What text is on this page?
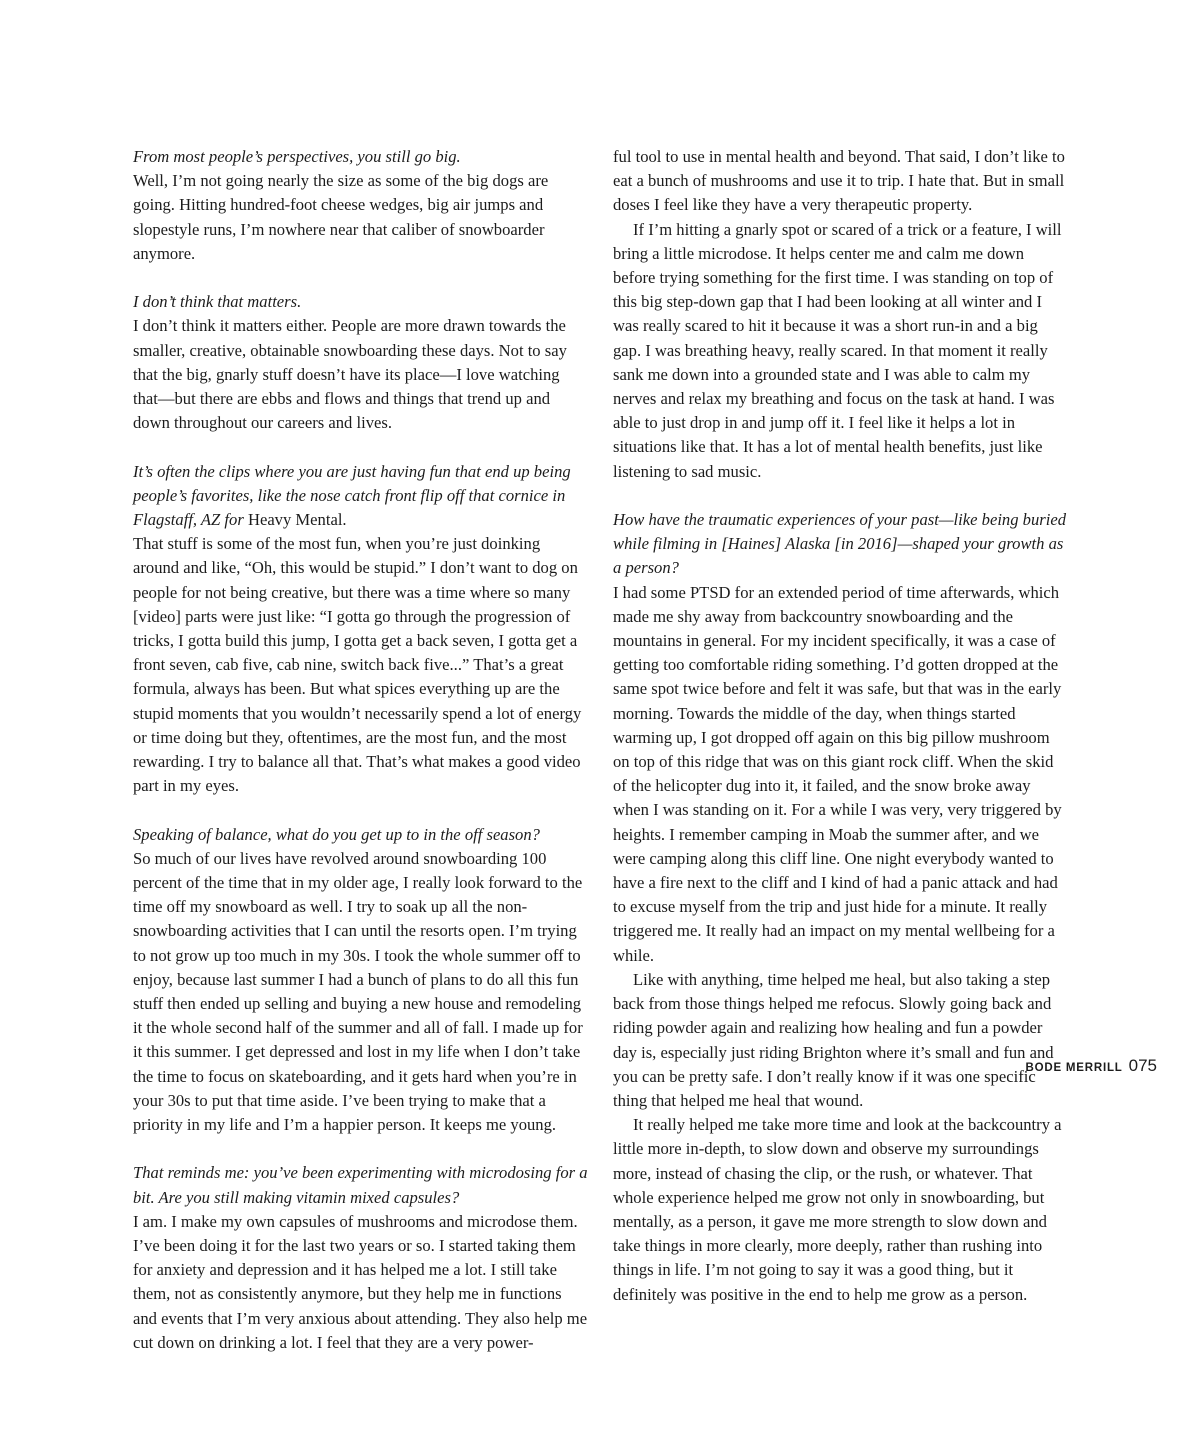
From most people’s perspectives, you still go big.

Well, I’m not going nearly the size as some of the big dogs are going. Hitting hundred-foot cheese wedges, big air jumps and slopestyle runs, I’m nowhere near that caliber of snowboarder anymore.

I don’t think that matters.

I don’t think it matters either. People are more drawn towards the smaller, creative, obtainable snowboarding these days. Not to say that the big, gnarly stuff doesn’t have its place—I love watching that—but there are ebbs and flows and things that trend up and down throughout our careers and lives.

It’s often the clips where you are just having fun that end up being people’s favorites, like the nose catch front flip off that cornice in Flagstaff, AZ for Heavy Mental.

That stuff is some of the most fun, when you’re just doinking around and like, “Oh, this would be stupid.” I don’t want to dog on people for not being creative, but there was a time where so many [video] parts were just like: “I gotta go through the progression of tricks, I gotta build this jump, I gotta get a back seven, I gotta get a front seven, cab five, cab nine, switch back five...” That’s a great formula, always has been. But what spices everything up are the stupid moments that you wouldn’t necessarily spend a lot of energy or time doing but they, oftentimes, are the most fun, and the most rewarding. I try to balance all that. That’s what makes a good video part in my eyes.

Speaking of balance, what do you get up to in the off season?

So much of our lives have revolved around snowboarding 100 percent of the time that in my older age, I really look forward to the time off my snowboard as well. I try to soak up all the non-snowboarding activities that I can until the resorts open. I’m trying to not grow up too much in my 30s. I took the whole summer off to enjoy, because last summer I had a bunch of plans to do all this fun stuff then ended up selling and buying a new house and remodeling it the whole second half of the summer and all of fall. I made up for it this summer. I get depressed and lost in my life when I don’t take the time to focus on skateboarding, and it gets hard when you’re in your 30s to put that time aside. I’ve been trying to make that a priority in my life and I’m a happier person. It keeps me young.

That reminds me: you’ve been experimenting with microdosing for a bit. Are you still making vitamin mixed capsules?

I am. I make my own capsules of mushrooms and microdose them. I’ve been doing it for the last two years or so. I started taking them for anxiety and depression and it has helped me a lot. I still take them, not as consistently anymore, but they help me in functions and events that I’m very anxious about attending. They also help me cut down on drinking a lot. I feel that they are a very power-

ful tool to use in mental health and beyond. That said, I don’t like to eat a bunch of mushrooms and use it to trip. I hate that. But in small doses I feel like they have a very therapeutic property.

If I’m hitting a gnarly spot or scared of a trick or a feature, I will bring a little microdose. It helps center me and calm me down before trying something for the first time. I was standing on top of this big step-down gap that I had been looking at all winter and I was really scared to hit it because it was a short run-in and a big gap. I was breathing heavy, really scared. In that moment it really sank me down into a grounded state and I was able to calm my nerves and relax my breathing and focus on the task at hand. I was able to just drop in and jump off it. I feel like it helps a lot in situations like that. It has a lot of mental health benefits, just like listening to sad music.

How have the traumatic experiences of your past—like being buried while filming in [Haines] Alaska [in 2016]—shaped your growth as a person?

I had some PTSD for an extended period of time afterwards, which made me shy away from backcountry snowboarding and the mountains in general. For my incident specifically, it was a case of getting too comfortable riding something. I’d gotten dropped at the same spot twice before and felt it was safe, but that was in the early morning. Towards the middle of the day, when things started warming up, I got dropped off again on this big pillow mushroom on top of this ridge that was on this giant rock cliff. When the skid of the helicopter dug into it, it failed, and the snow broke away when I was standing on it. For a while I was very, very triggered by heights. I remember camping in Moab the summer after, and we were camping along this cliff line. One night everybody wanted to have a fire next to the cliff and I kind of had a panic attack and had to excuse myself from the trip and just hide for a minute. It really triggered me. It really had an impact on my mental wellbeing for a while.

Like with anything, time helped me heal, but also taking a step back from those things helped me refocus. Slowly going back and riding powder again and realizing how healing and fun a powder day is, especially just riding Brighton where it’s small and fun and you can be pretty safe. I don’t really know if it was one specific thing that helped me heal that wound.

It really helped me take more time and look at the backcountry a little more in-depth, to slow down and observe my surroundings more, instead of chasing the clip, or the rush, or whatever. That whole experience helped me grow not only in snowboarding, but mentally, as a person, it gave me more strength to slow down and take things in more clearly, more deeply, rather than rushing into things in life. I’m not going to say it was a good thing, but it definitely was positive in the end to help me grow as a person.

BODE MERRILL 075
